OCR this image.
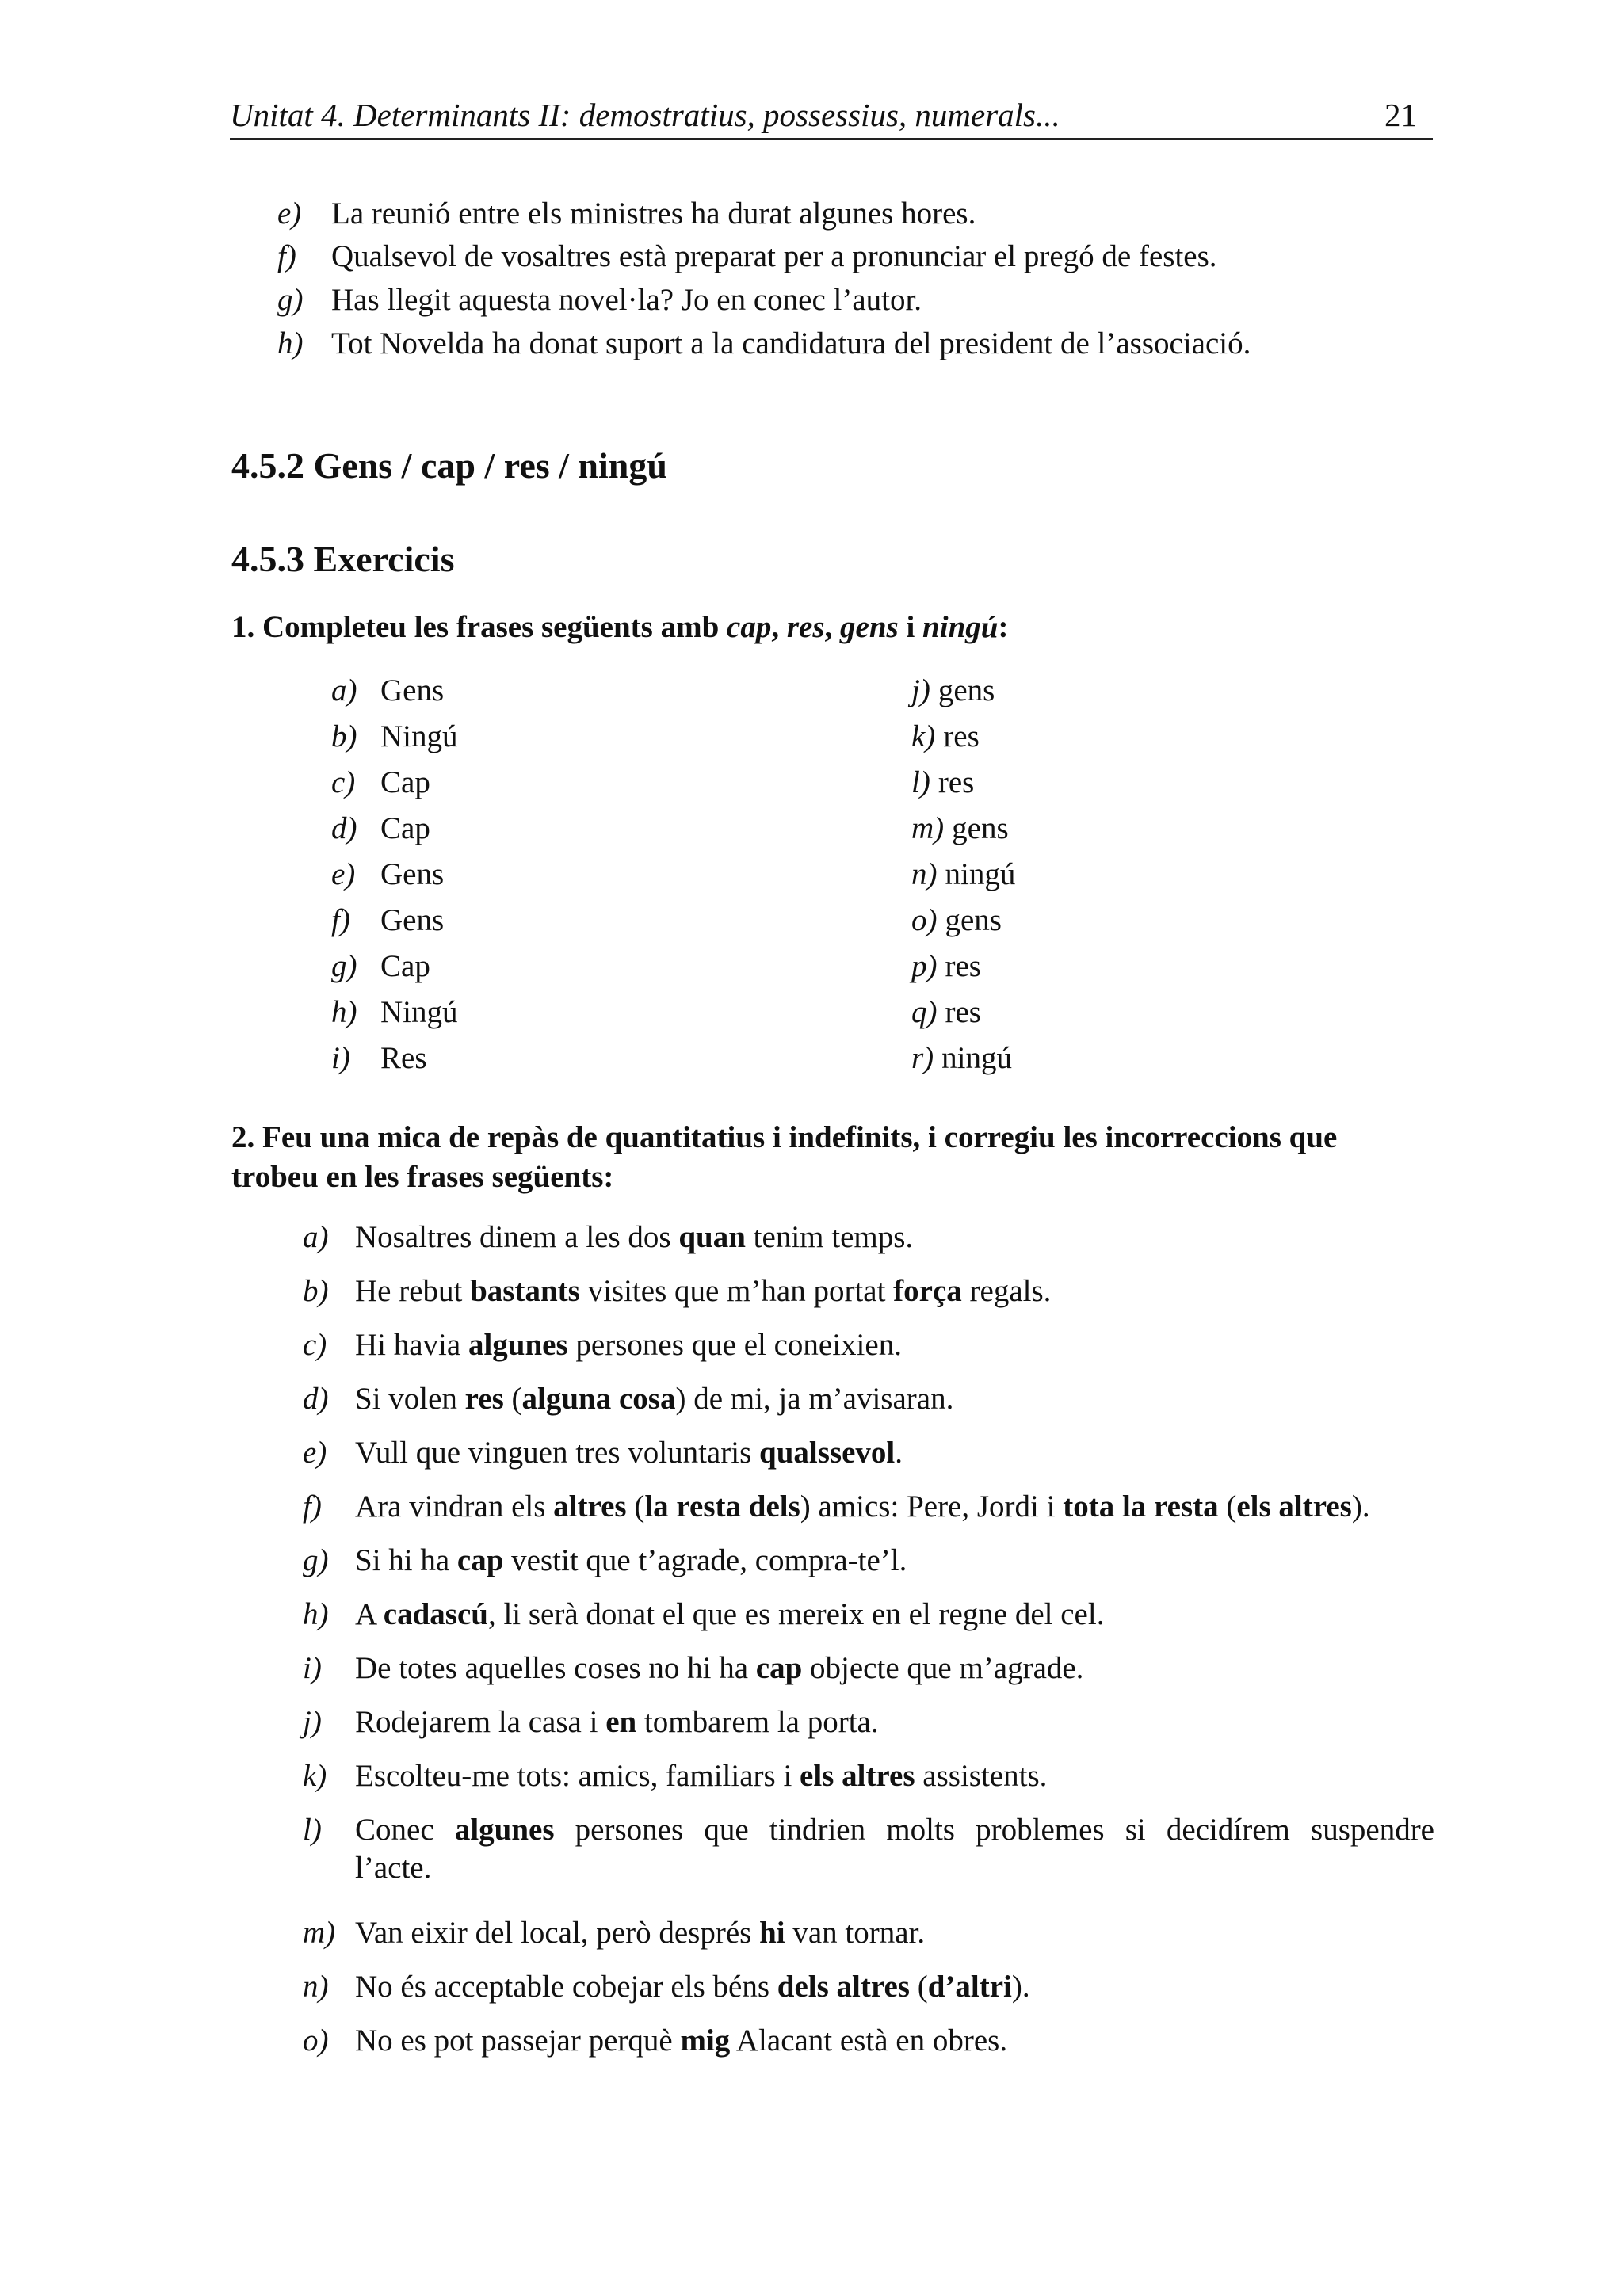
Unitat 4. Determinants II: demostratius, possessius, numerals...	21
e) La reunió entre els ministres ha durat algunes hores.
f) Qualsevol de vosaltres està preparat per a pronunciar el pregó de festes.
g) Has llegit aquesta novel·la? Jo en conec l’autor.
h) Tot Novelda ha donat suport a la candidatura del president de l’associació.
4.5.2 Gens / cap / res / ningú
4.5.3 Exercicis
1. Completeu les frases següents amb cap, res, gens i ningú:
a) Gens
b) Ningú
c) Cap
d) Cap
e) Gens
f) Gens
g) Cap
h) Ningú
i) Res
j) gens
k) res
l) res
m) gens
n) ningú
o) gens
p) res
q) res
r) ningú
2. Feu una mica de repàs de quantitatius i indefinits, i corregiu les incorreccions que
trobeu en les frases següents:
a) Nosaltres dinem a les dos quan tenim temps.
b) He rebut bastants visites que m’han portat força regals.
c) Hi havia algunes persones que el coneixien.
d) Si volen res (alguna cosa) de mi, ja m’avisaran.
e) Vull que vinguen tres voluntaris qualssevol.
f) Ara vindran els altres (la resta dels) amics: Pere, Jordi i tota la resta (els altres).
g) Si hi ha cap vestit que t’agrade, compra-te’l.
h) A cadascú, li serà donat el que es mereix en el regne del cel.
i) De totes aquelles coses no hi ha cap objecte que m’agrade.
j) Rodejarem la casa i en tombarem la porta.
k) Escolteu-me tots: amics, familiars i els altres assistents.
l) Conec algunes persones que tindrien molts problemes si decidírem suspendre
l’acte.
m) Van eixir del local, però després hi van tornar.
n) No és acceptable cobejar els béns dels altres (d’altri).
o) No es pot passejar perquè mig Alacant està en obres.
